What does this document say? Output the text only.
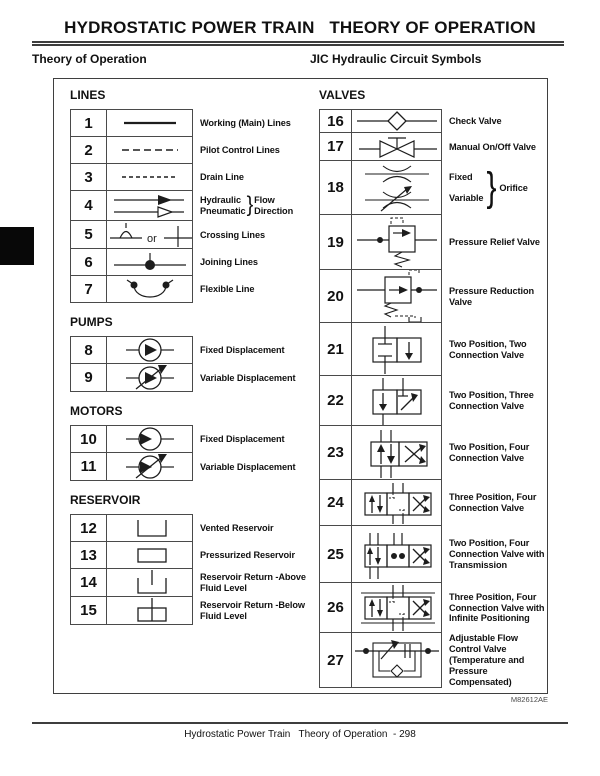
HYDROSTATIC POWER TRAIN   THEORY OF OPERATION
Theory of Operation	JIC Hydraulic Circuit Symbols
LINES
1	Working (Main) Lines
2	Pilot Control Lines
3	Drain Line
4	Hydraulic
Pneumatic } Flow
Direction
5	or	Crossing Lines
6	Joining Lines
7	Flexible Line
PUMPS
8	Fixed Displacement
9	Variable Displacement
MOTORS
10	Fixed Displacement
11	Variable Displacement
RESERVOIR
12	Vented Reservoir
13	Pressurized Reservoir
14	Reservoir Return -Above Fluid Level
15	Reservoir Return -Below Fluid Level
VALVES
16	Check Valve
17	Manual On/Off Valve
18
Fixed
Variable } Orifice
19	Pressure Relief Valve
20	Pressure Reduction Valve
21	Two Position, Two Connection Valve
22	Two Position, Three Connection Valve
23	Two Position, Four Connection Valve
24	Three Position, Four Connection Valve
25
Two Position, Four Connection Valve with Transmission
26
Three Position, Four Connection Valve with Infinite Positioning
27
Adjustable Flow Control Valve (Temperature and Pressure Compensated)
M82612AE
Hydrostatic Power Train   Theory of Operation  - 298
